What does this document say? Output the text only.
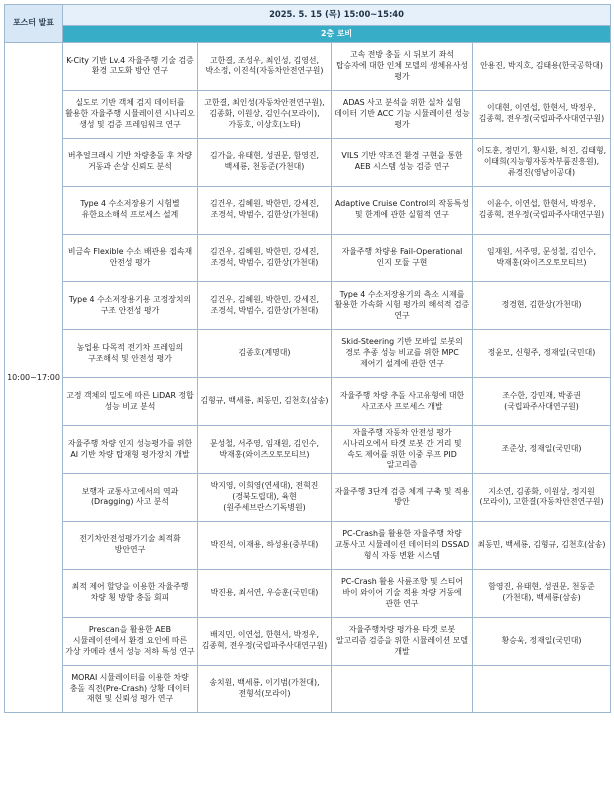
포스터 발표	2025. 5. 15 (목) 15:00~15:40			
	2층 로비			
10:00~17:00	K-City 기반 Lv.4 자율주행 기술 검증 환경 고도화 방안 연구	고한결, 조성우, 최인성, 김영선, 박소정, 이진석(자동차안전연구원)	고속 전방 충돌 시 뒤보기 좌석 탑승자에 대한 인체 모델의 생체유사성 평가	안용진, 박지호, 김태용(한국공학대)
	실도로 기반 객체 검지 데이터를 활용한 자율주행 시뮬레이션 시나리오 생성 및 검증 프레임워크 연구	고한결, 최인성(자동차안전연구원), 김종화, 이원상, 김인수(모라이), 가동호, 이상호(노타)	ADAS 사고 분석을 위한 실차 실험 데이터 기반 ACC 기능 시뮬레이션 성능 평가	이대현, 이연섭, 한현서, 박정우, 김종혁, 전우정(국립파주사대연구원)
	버추얼크래시 기반 차량충돌 후 차량 거동과 손상 신뢰도 분석	김가을, 유태현, 성권문, 함영진, 백세룡, 천동준(가천대)	VILS 기반 약조건 환경 구현을 통한 AEB 시스템 성능 검증 연구	이도훈, 정민기, 황시환, 허진, 김태형, 이태희(지능형자동차부품진흥원), 류경진(영남이공대)
	Type 4 수소저장용기 시험별 유한요소해석 프로세스 설계	김건우, 김혜원, 박한민, 강세진, 조경석, 박범수, 김한상(가천대)	Adaptive Cruise Control의 작동특성 및 한계에 관한 실험적 연구	이윤수, 이연섭, 한현서, 박정우, 김종혁, 전우정(국립파주사대연구원)
	비금속 Flexible 수소 배관용 접속재 안전성 평가	김건우, 김혜원, 박한민, 강세진, 조경석, 박범수, 김한상(가천대)	자율주행 차량용 Fail-Operational 인지 모듈 구현	임재원, 서주영, 문성철, 김인수, 박재홍(와이즈오토모티브)
	Type 4 수소저장용기용 고정장치의 구조 안전성 평가	김건우, 김혜원, 박한민, 강세진, 조경석, 박범수, 김한상(가천대)	Type 4 수소저장용기의 측소 시제를 활용한 가속화 시험 평가의 해석적 검증 연구	정경현, 김한상(가천대)
	농업용 다목적 전기차 프레임의 구조해석 및 안전성 평가	김종호(계명대)	Skid-Steering 기반 모바일 로봇의 경로 추종 성능 비교를 위한 MPC 제어기 설계에 관한 연구	정윤모, 신형주, 정재일(국민대)
	고정 객체의 밀도에 따른 LiDAR 정합 성능 비교 분석	김형규, 백세룡, 최동민, 김천호(삼송)	자율주행 차량 추돌 사고유형에 대한 사고조사 프로세스 개발	조수한, 강민재, 박종권(국립파주사대연구원)
	자율주행 차량 인지 성능평가를 위한 AI 기반 차량 탑재형 평가장치 개발	문성철, 서주영, 임재원, 김인수, 박재홍(와이즈오토모티브)	자율주행 자동차 안전성 평가 시나리오에서 타겟 로봇 간 거리 및 속도 제어를 위한 이중 루프 PID 알고리즘	조준상, 정재일(국민대)
	보행자 교통사고에서의 역과(Dragging) 사고 분석	박지영, 이희영(연세대), 전혁진(경북도립대), 육현(원주세브란스기독병원)	자율주행 3단계 검증 체계 구축 및 적용 방안	지소연, 김종화, 이원상, 정지원(모라이), 고한결(자동차안전연구원)
	전기차안전성평가기술 최적화 방안연구	박진석, 이재용, 하성용(중부대)	PC-Crash를 활용한 자율주행 차량 교통사고 시뮬레이션 데이터의 DSSAD 형식 자동 변환 시스템	최동민, 백세룡, 김형규, 김천호(삼송)
	최적 제어 할당을 이용한 자율주행 차량 횡 방향 충돌 회피	박진용, 최서연, 우승훈(국민대)	PC-Crash 활용 사륜조향 및 스티어 바이 와이어 기술 적용 차량 거동에 관한 연구	함영진, 유태현, 성권문, 천동준(가천대), 백세룡(삼송)
	Prescan을 활용한 AEB 시뮬레이션에서 환경 요인에 따른 가상 카메라 센서 성능 저하 특성 연구	배지민, 이연섭, 한현서, 박정우, 김종혁, 전우정(국립파주사대연구원)	자율주행차량 평가용 타겟 로봇 알고리즘 검증을 위한 시뮬레이션 모델 개발	황승욱, 정재일(국민대)
	MORAI 시뮬레이터를 이용한 차량 충돌 직전(Pre-Crash) 상황 데이터 재현 및 신뢰성 평가 연구	송치원, 백세룡, 이기범(가천대), 전형석(모라이)		
